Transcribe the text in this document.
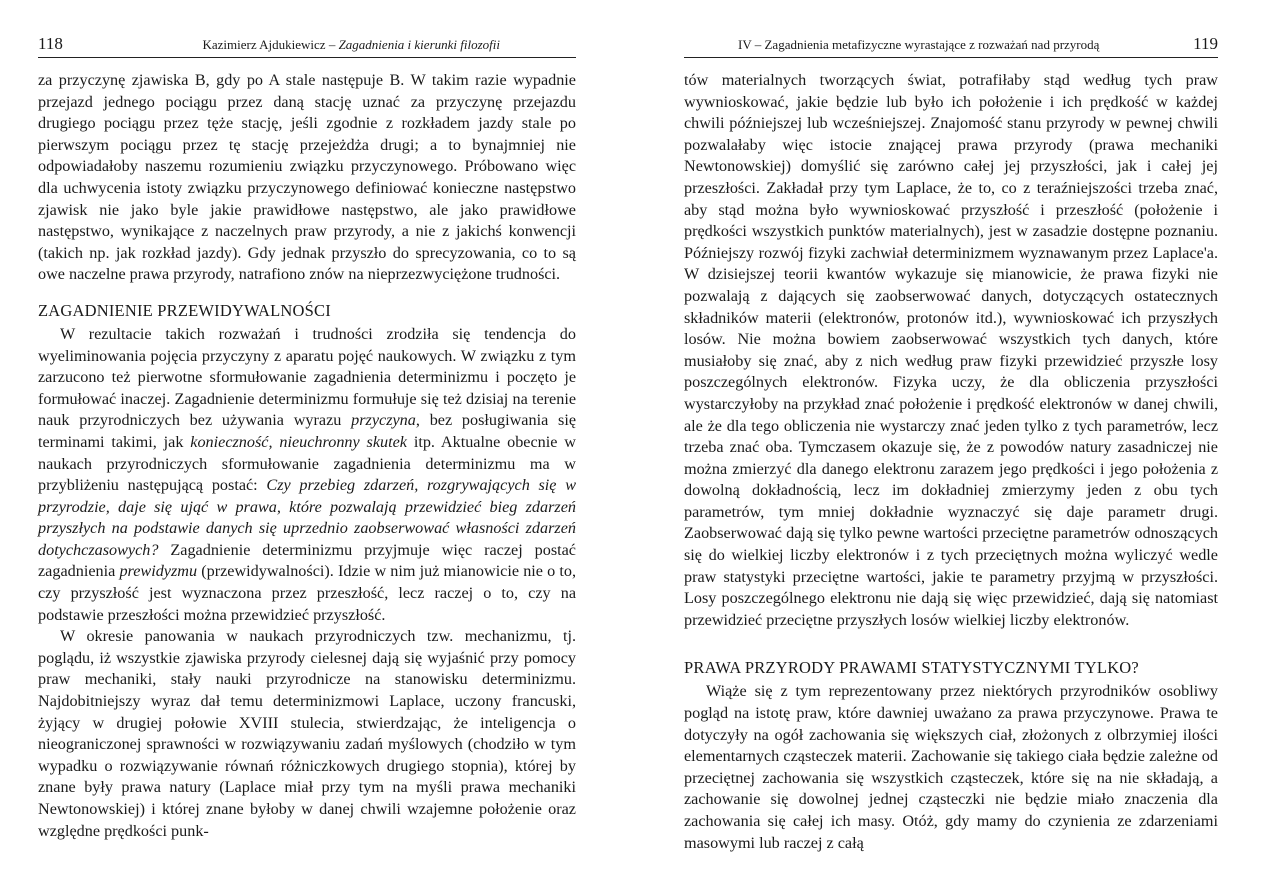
118	Kazimierz Ajdukiewicz – Zagadnienia i kierunki filozofii

za przyczynę zjawiska B, gdy po A stale następuje B. W takim razie wypadnie przejazd jednego pociągu przez daną stację uznać za przyczynę przejazdu drugiego pociągu przez tęże stację, jeśli zgodnie z rozkładem jazdy stale po pierwszym pociągu przez tę stację przejeżdża drugi; a to bynajmniej nie odpowiadałoby naszemu rozumieniu związku przyczynowego. Próbowano więc dla uchwycenia istoty związku przyczynowego definiować konieczne następstwo zjawisk nie jako byle jakie prawidłowe następstwo, ale jako prawidłowe następstwo, wynikające z naczelnych praw przyrody, a nie z jakichś konwencji (takich np. jak rozkład jazdy). Gdy jednak przyszło do sprecyzowania, co to są owe naczelne prawa przyrody, natrafiono znów na nieprzezwyciężone trudności.

ZAGADNIENIE PRZEWIDYWALNOŚCI

W rezultacie takich rozważań i trudności zrodziła się tendencja do wyeliminowania pojęcia przyczyny z aparatu pojęć naukowych. W związku z tym zarzucono też pierwotne sformułowanie zagadnienia determinizmu i poczęto je formułować inaczej. Zagadnienie determinizmu formułuje się też dzisiaj na terenie nauk przyrodniczych bez używania wyrazu przyczyna, bez posługiwania się terminami takimi, jak konieczność, nieuchronny skutek itp. Aktualne obecnie w naukach przyrodniczych sformułowanie zagadnienia determinizmu ma w przybliżeniu następującą postać: Czy przebieg zdarzeń, rozgrywających się w przyrodzie, daje się ująć w prawa, które pozwalają przewidzieć bieg zdarzeń przyszłych na podstawie danych się uprzednio zaobserwować własności zdarzeń dotychczasowych? Zagadnienie determinizmu przyjmuje więc raczej postać zagadnienia prewidyzmu (przewidywalności). Idzie w nim już mianowicie nie o to, czy przyszłość jest wyznaczona przez przeszłość, lecz raczej o to, czy na podstawie przeszłości można przewidzieć przyszłość.

W okresie panowania w naukach przyrodniczych tzw. mechanizmu, tj. poglądu, iż wszystkie zjawiska przyrody cielesnej dają się wyjaśnić przy pomocy praw mechaniki, stały nauki przyrodnicze na stanowisku determinizmu. Najdobitniejszy wyraz dał temu determinizmowi Laplace, uczony francuski, żyjący w drugiej połowie XVIII stulecia, stwierdzając, że inteligencja o nieograniczonej sprawności w rozwiązywaniu zadań myślowych (chodziło w tym wypadku o rozwiązywanie równań różniczkowych drugiego stopnia), której by znane były prawa natury (Laplace miał przy tym na myśli prawa mechaniki Newtonowskiej) i której znane byłoby w danej chwili wzajemne położenie oraz względne prędkości punk-

IV – Zagadnienia metafizyczne wyrastające z rozważań nad przyrodą	119

tów materialnych tworzących świat, potrafiłaby stąd według tych praw wywnioskować, jakie będzie lub było ich położenie i ich prędkość w każdej chwili późniejszej lub wcześniejszej. Znajomość stanu przyrody w pewnej chwili pozwalałaby więc istocie znającej prawa przyrody (prawa mechaniki Newtonowskiej) domyślić się zarówno całej jej przyszłości, jak i całej jej przeszłości. Zakładał przy tym Laplace, że to, co z teraźniejszości trzeba znać, aby stąd można było wywnioskować przyszłość i przeszłość (położenie i prędkości wszystkich punktów materialnych), jest w zasadzie dostępne poznaniu. Późniejszy rozwój fizyki zachwiał determinizmem wyznawanym przez Laplace'a. W dzisiejszej teorii kwantów wykazuje się mianowicie, że prawa fizyki nie pozwalają z dających się zaobserwować danych, dotyczących ostatecznych składników materii (elektronów, protonów itd.), wywnioskować ich przyszłych losów. Nie można bowiem zaobserwować wszystkich tych danych, które musiałoby się znać, aby z nich według praw fizyki przewidzieć przyszłe losy poszczególnych elektronów. Fizyka uczy, że dla obliczenia przyszłości wystarczyłoby na przykład znać położenie i prędkość elektronów w danej chwili, ale że dla tego obliczenia nie wystarczy znać jeden tylko z tych parametrów, lecz trzeba znać oba. Tymczasem okazuje się, że z powodów natury zasadniczej nie można zmierzyć dla danego elektronu zarazem jego prędkości i jego położenia z dowolną dokładnością, lecz im dokładniej zmierzymy jeden z obu tych parametrów, tym mniej dokładnie wyznaczyć się daje parametr drugi. Zaobserwować dają się tylko pewne wartości przeciętne parametrów odnoszących się do wielkiej liczby elektronów i z tych przeciętnych można wyliczyć wedle praw statystyki przeciętne wartości, jakie te parametry przyjmą w przyszłości. Losy poszczególnego elektronu nie dają się więc przewidzieć, dają się natomiast przewidzieć przeciętne przyszłych losów wielkiej liczby elektronów.

PRAWA PRZYRODY PRAWAMI STATYSTYCZNYMI TYLKO?

Wiąże się z tym reprezentowany przez niektórych przyrodników osobliwy pogląd na istotę praw, które dawniej uważano za prawa przyczynowe. Prawa te dotyczyły na ogół zachowania się większych ciał, złożonych z olbrzymiej ilości elementarnych cząsteczek materii. Zachowanie się takiego ciała będzie zależne od przeciętnej zachowania się wszystkich cząsteczek, które się na nie składają, a zachowanie się dowolnej jednej cząsteczki nie będzie miało znaczenia dla zachowania się całej ich masy. Otóż, gdy mamy do czynienia ze zdarzeniami masowymi lub raczej z całą
